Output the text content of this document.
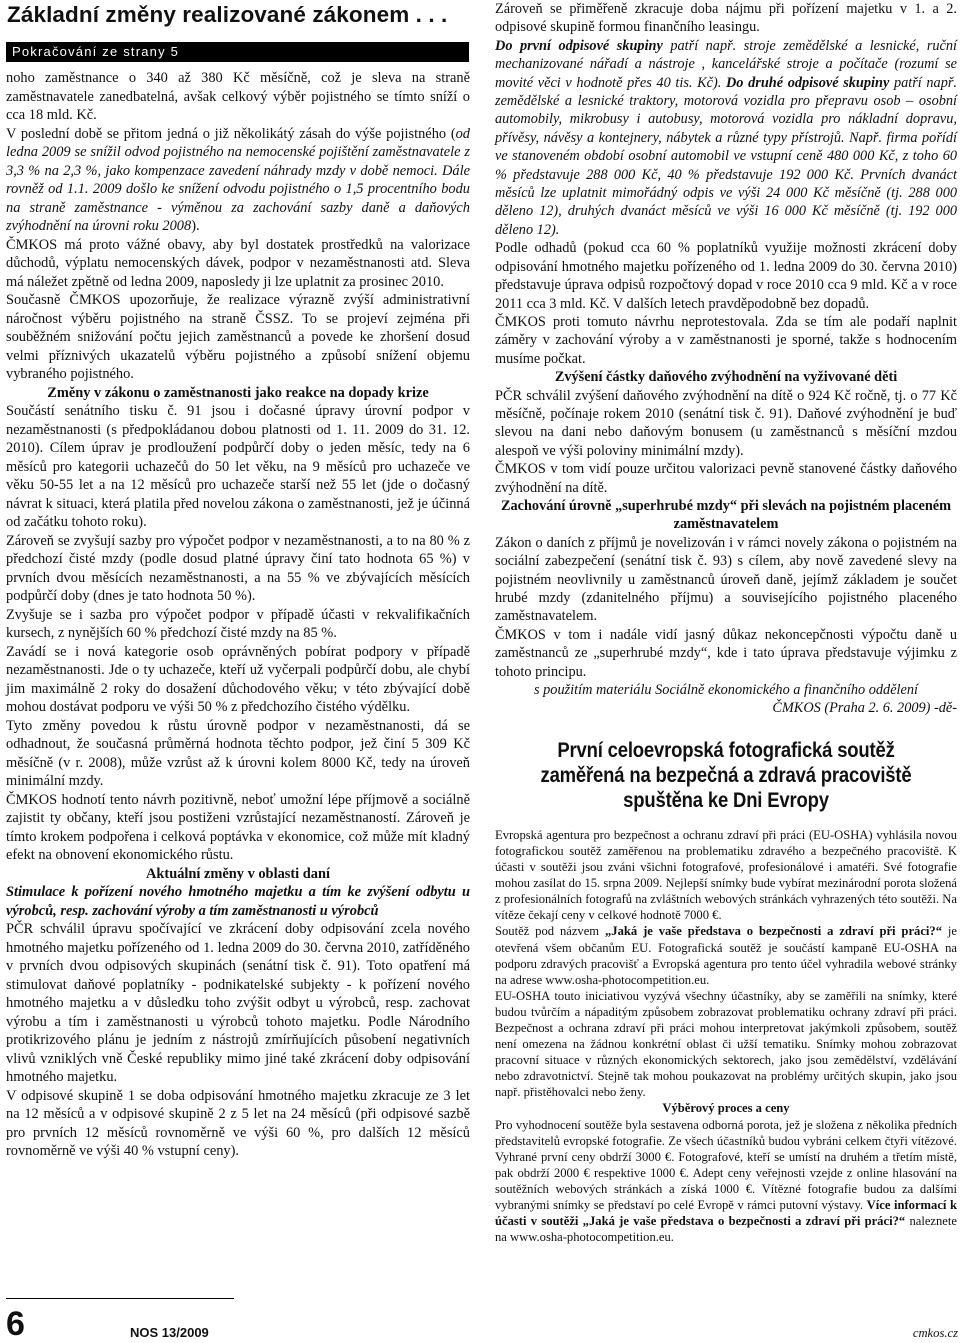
Základní změny realizované zákonem . . .
Pokračování ze strany 5

noho zaměstnance o 340 až 380 Kč měsíčně, což je sleva na straně zaměstnavatele zanedbatelná, avšak celkový výběr pojistného se tímto sníží o cca 18 mld. Kč.

V poslední době se přitom jedná o již několikátý zásah do výše pojistného (od ledna 2009 se snížil odvod pojistného na nemocenské pojištění zaměstnavatele z 3,3 % na 2,3 %, jako kompenzace zavedení náhrady mzdy v době nemoci. Dále rovněž od 1.1. 2009 došlo ke snížení odvodu pojistného o 1,5 procentního bodu na straně zaměstnance - výměnou za zachování sazby daně a daňových zvýhodnění na úrovni roku 2008).

ČMKOS má proto vážné obavy, aby byl dostatek prostředků na valorizace důchodů, výplatu nemocenských dávek, podpor v nezaměstnanosti atd. Sleva má náležet zpětně od ledna 2009, naposledy ji lze uplatnit za prosinec 2010.

Současně ČMKOS upozorňuje, že realizace výrazně zvýší administrativní náročnost výběru pojistného na straně ČSSZ. To se projeví zejména při souběžném snižování počtu jejich zaměstnanců a povede ke zhoršení dosud velmi příznivých ukazatelů výběru pojistného a způsobí snížení objemu vybraného pojistného.

Změny v zákonu o zaměstnanosti jako reakce na dopady krize

Součástí senátního tisku č. 91 jsou i dočasné úpravy úrovní podpor v nezaměstnanosti (s předpokládanou dobou platnosti od 1. 11. 2009 do 31. 12. 2010). Cílem úprav je prodloužení podpůrčí doby o jeden měsíc, tedy na 6 měsíců pro kategorii uchazečů do 50 let věku, na 9 měsíců pro uchazeče ve věku 50-55 let a na 12 měsíců pro uchazeče starší než 55 let (jde o dočasný návrat k situaci, která platila před novelou zákona o zaměstnanosti, jež je účinná od začátku tohoto roku).

Zároveň se zvyšují sazby pro výpočet podpor v nezaměstnanosti, a to na 80 % z předchozí čisté mzdy (podle dosud platné úpravy činí tato hodnota 65 %) v prvních dvou měsících nezaměstnanosti, a na 55 % ve zbývajících měsících podpůrčí doby (dnes je tato hodnota 50 %).

Zvyšuje se i sazba pro výpočet podpor v případě účasti v rekvalifikačních kursech, z nynějších 60 % předchozí čisté mzdy na 85 %.

Zavádí se i nová kategorie osob oprávněných pobírat podpory v případě nezaměstnanosti. Jde o ty uchazeče, kteří už vyčerpali podpůrčí dobu, ale chybí jim maximálně 2 roky do dosažení důchodového věku; v této zbývající době mohou dostávat podporu ve výši 50 % z předchozího čistého výdělku.

Tyto změny povedou k růstu úrovně podpor v nezaměstnanosti, dá se odhadnout, že současná průměrná hodnota těchto podpor, jež činí 5 309 Kč měsíčně (v r. 2008), může vzrůst až k úrovni kolem 8000 Kč, tedy na úroveň minimální mzdy.

ČMKOS hodnotí tento návrh pozitivně, neboť umožní lépe příjmově a sociálně zajistit ty občany, kteří jsou postiženi vzrůstající nezaměstnaností. Zároveň je tímto krokem podpořena i celková poptávka v ekonomice, což může mít kladný efekt na obnovení ekonomického růstu.

Aktuální změny v oblasti daní

Stimulace k pořízení nového hmotného majetku a tím ke zvýšení odbytu u výrobců, resp. zachování výroby a tím zaměstnanosti u výrobců

PČR schválil úpravu spočívající ve zkrácení doby odpisování zcela nového hmotného majetku pořízeného od 1. ledna 2009 do 30. června 2010, zatříděného v prvních dvou odpisových skupinách (senátní tisk č. 91). Toto opatření má stimulovat daňové poplatníky - podnikatelské subjekty - k pořízení nového hmotného majetku a v důsledku toho zvýšit odbyt u výrobců, resp. zachovat výrobu a tím i zaměstnanosti u výrobců tohoto majetku. Podle Národního protikrizového plánu je jedním z nástrojů zmírňujících působení negativních vlivů vzniklých vně České republiky mimo jiné také zkrácení doby odpisování hmotného majetku.

V odpisové skupině 1 se doba odpisování hmotného majetku zkracuje ze 3 let na 12 měsíců a v odpisové skupině 2 z 5 let na 24 měsíců (při odpisové sazbě pro prvních 12 měsíců rovnoměrně ve výši 60 %, pro dalších 12 měsíců rovnoměrně ve výši 40 % vstupní ceny).

6	NOS 13/2009

Zároveň se přiměřeně zkracuje doba nájmu při pořízení majetku v 1. a 2. odpisové skupině formou finančního leasingu.

Do první odpisové skupiny patří např. stroje zemědělské a lesnické, ruční mechanizované nářadí a nástroje , kancelářské stroje a počítače (rozumí se movité věci v hodnotě přes 40 tis. Kč). Do druhé odpisové skupiny patří např. zemědělské a lesnické traktory, motorová vozidla pro přepravu osob – osobní automobily, mikrobusy i autobusy, motorová vozidla pro nákladní dopravu, přívěsy, návěsy a kontejnery, nábytek a různé typy přístrojů. Např. firma pořídí ve stanoveném období osobní automobil ve vstupní ceně 480 000 Kč, z toho 60 % představuje 288 000 Kč, 40 % představuje 192 000 Kč. Prvních dvanáct měsíců lze uplatnit mimořádný odpis ve výši 24 000 Kč měsíčně (tj. 288 000 děleno 12), druhých dvanáct měsíců ve výši 16 000 Kč měsíčně (tj. 192 000 děleno 12).

Podle odhadů (pokud cca 60 % poplatníků využije možnosti zkrácení doby odpisování hmotného majetku pořízeného od 1. ledna 2009 do 30. června 2010) představuje úprava odpisů rozpočtový dopad v roce 2010 cca 9 mld. Kč a v roce 2011 cca 3 mld. Kč. V dalších letech pravděpodobně bez dopadů.

ČMKOS proti tomuto návrhu neprotestovala. Zda se tím ale podaří naplnit záměry v zachování výroby a v zaměstnanosti je sporné, takže s hodnocením musíme počkat.

Zvýšení částky daňového zvýhodnění na vyživované děti

PČR schválil zvýšení daňového zvýhodnění na dítě o 924 Kč ročně, tj. o 77 Kč měsíčně, počínaje rokem 2010 (senátní tisk č. 91). Daňové zvýhodnění je buď slevou na dani nebo daňovým bonusem (u zaměstnanců s měsíční mzdou alespoň ve výši poloviny minimální mzdy).

ČMKOS v tom vidí pouze určitou valorizaci pevně stanovené částky daňového zvýhodnění na dítě.

Zachování úrovně „superhrubé mzdy“ při slevách na pojistném placeném zaměstnavatelem

Zákon o daních z příjmů je novelizován i v rámci novely zákona o pojistném na sociální zabezpečení (senátní tisk č. 93) s cílem, aby nově zavedené slevy na pojistném neovlivnily u zaměstnanců úroveň daně, jejímž základem je součet hrubé mzdy (zdanitelného příjmu) a souvisejícího pojistného placeného zaměstnavatelem.

ČMKOS v tom i nadále vidí jasný důkaz nekoncepčnosti výpočtu daně u zaměstnanců ze „superhrubé mzdy“, kde i tato úprava představuje výjimku z tohoto principu.

s použitím materiálu Sociálně ekonomického a finančního oddělení

ČMKOS (Praha 2. 6. 2009) -dě-

První celoevropská fotografická soutěž zaměřená na bezpečná a zdravá pracoviště spuštěna ke Dni Evropy

Evropská agentura pro bezpečnost a ochranu zdraví při práci (EU-OSHA) vyhlásila novou fotografickou soutěž zaměřenou na problematiku zdravého a bezpečného pracoviště. K účasti v soutěži jsou zváni všichni fotografové, profesionálové i amatéři. Své fotografie mohou zasílat do 15. srpna 2009. Nejlepší snímky bude vybírat mezinárodní porota složená z profesionálních fotografů na zvláštních webových stránkách vyhrazených této soutěži. Na vítěze čekají ceny v celkové hodnotě 7000 €.

Soutěž pod názvem „Jaká je vaše představa o bezpečnosti a zdraví při práci?“ je otevřená všem občanům EU. Fotografická soutěž je součástí kampaně EU-OSHA na podporu zdravých pracovišť a Evropská agentura pro tento účel vyhradila webové stránky na adrese www.osha-photocompetition.eu.

EU-OSHA touto iniciativou vyzývá všechny účastníky, aby se zaměřili na snímky, které budou tvůrčím a nápaditým způsobem zobrazovat problematiku ochrany zdraví při práci. Bezpečnost a ochrana zdraví při práci mohou interpretovat jakýmkoli způsobem, soutěž není omezena na žádnou konkrétní oblast či užší tematiku. Snímky mohou zobrazovat pracovní situace v různých ekonomických sektorech, jako jsou zemědělství, vzdělávání nebo zdravotnictví. Stejně tak mohou poukazovat na problémy určitých skupin, jako jsou např. přistěhovalci nebo ženy.

Výběrový proces a ceny

Pro vyhodnocení soutěže byla sestavena odborná porota, jež je složena z několika předních představitelů evropské fotografie. Ze všech účastníků budou vybráni celkem čtyři vítězové. Vyhrané první ceny obdrží 3000 €. Fotografové, kteří se umístí na druhém a třetím místě, pak obdrží 2000 € respektive 1000 €. Adept ceny veřejnosti vzejde z online hlasování na soutěžních webových stránkách a získá 1000 €. Vítězné fotografie budou za dalšími vybranými snímky se představí po celé Evropě v rámci putovní výstavy. Více informací k účasti v soutěži „Jaká je vaše představa o bezpečnosti a zdraví při práci?“ naleznete na www.osha-photocompetition.eu.

cmkos.cz
